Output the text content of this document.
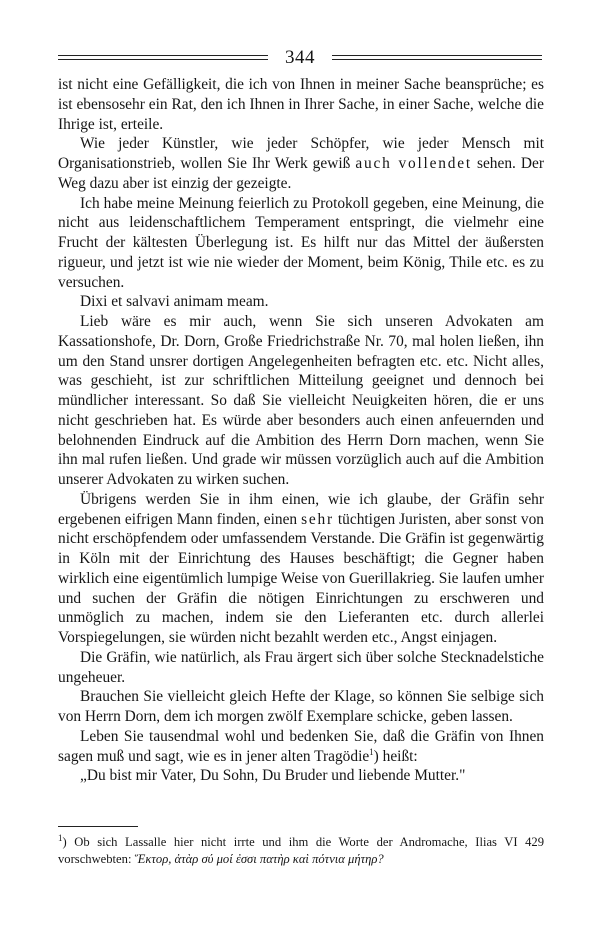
344

ist nicht eine Gefälligkeit, die ich von Ihnen in meiner Sache beansprüche; es ist ebensosehr ein Rat, den ich Ihnen in Ihrer Sache, in einer Sache, welche die Ihrige ist, erteile.

Wie jeder Künstler, wie jeder Schöpfer, wie jeder Mensch mit Organisationstrieb, wollen Sie Ihr Werk gewiß auch vollendet sehen. Der Weg dazu aber ist einzig der gezeigte.

Ich habe meine Meinung feierlich zu Protokoll gegeben, eine Meinung, die nicht aus leidenschaftlichem Temperament entspringt, die vielmehr eine Frucht der kältesten Überlegung ist. Es hilft nur das Mittel der äußersten rigueur, und jetzt ist wie nie wieder der Moment, beim König, Thile etc. es zu versuchen.

Dixi et salvavi animam meam.

Lieb wäre es mir auch, wenn Sie sich unseren Advokaten am Kassationshofe, Dr. Dorn, Große Friedrichstraße Nr. 70, mal holen ließen, ihn um den Stand unsrer dortigen Angelegenheiten befragten etc. etc. Nicht alles, was geschieht, ist zur schriftlichen Mitteilung geeignet und dennoch bei mündlicher interessant. So daß Sie vielleicht Neuigkeiten hören, die er uns nicht geschrieben hat. Es würde aber besonders auch einen anfeuernden und belohnenden Eindruck auf die Ambition des Herrn Dorn machen, wenn Sie ihn mal rufen ließen. Und grade wir müssen vorzüglich auch auf die Ambition unserer Advokaten zu wirken suchen.

Übrigens werden Sie in ihm einen, wie ich glaube, der Gräfin sehr ergebenen eifrigen Mann finden, einen sehr tüchtigen Juristen, aber sonst von nicht erschöpfendem oder umfassendem Verstande. Die Gräfin ist gegenwärtig in Köln mit der Einrichtung des Hauses beschäftigt; die Gegner haben wirklich eine eigentümlich lumpige Weise von Guerillakrieg. Sie laufen umher und suchen der Gräfin die nötigen Einrichtungen zu erschweren und unmöglich zu machen, indem sie den Lieferanten etc. durch allerlei Vorspiegelungen, sie würden nicht bezahlt werden etc., Angst einjagen.

Die Gräfin, wie natürlich, als Frau ärgert sich über solche Stecknadelstiche ungeheuer.

Brauchen Sie vielleicht gleich Hefte der Klage, so können Sie selbige sich von Herrn Dorn, dem ich morgen zwölf Exemplare schicke, geben lassen.

Leben Sie tausendmal wohl und bedenken Sie, daß die Gräfin von Ihnen sagen muß und sagt, wie es in jener alten Tragödie$^1$) heißt:

„Du bist mir Vater, Du Sohn, Du Bruder und liebende Mutter."

$^1$) Ob sich Lassalle hier nicht irrte und ihm die Worte der Andromache, Ilias VI 429 vorschwebten: Ἕκτορ, ἀτὰρ σύ μοί ἐσσι πατὴρ καὶ πότνια μήτηρ?
